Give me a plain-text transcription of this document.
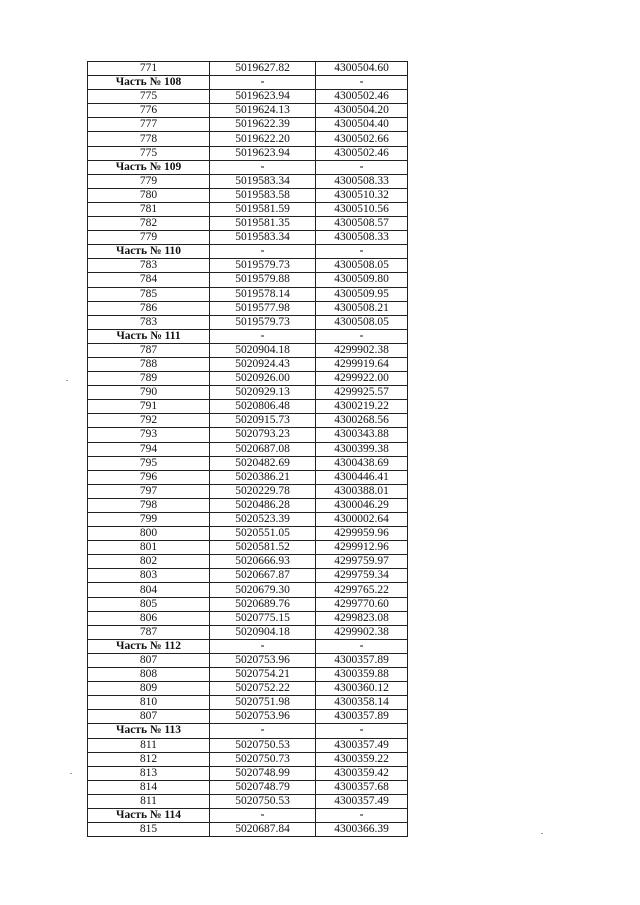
771	5019627.82	4300504.60
Часть № 108	-	-
775	5019623.94	4300502.46
776	5019624.13	4300504.20
777	5019622.39	4300504.40
778	5019622.20	4300502.66
775	5019623.94	4300502.46
Часть № 109	-	-
779	5019583.34	4300508.33
780	5019583.58	4300510.32
781	5019581.59	4300510.56
782	5019581.35	4300508.57
779	5019583.34	4300508.33
Часть № 110	-	-
783	5019579.73	4300508.05
784	5019579.88	4300509.80
785	5019578.14	4300509.95
786	5019577.98	4300508.21
783	5019579.73	4300508.05
Часть № 111	-	-
787	5020904.18	4299902.38
788	5020924.43	4299919.64
789	5020926.00	4299922.00
790	5020929.13	4299925.57
791	5020806.48	4300219.22
792	5020915.73	4300268.56
793	5020793.23	4300343.88
794	5020687.08	4300399.38
795	5020482.69	4300438.69
796	5020386.21	4300446.41
797	5020229.78	4300388.01
798	5020486.28	4300046.29
799	5020523.39	4300002.64
800	5020551.05	4299959.96
801	5020581.52	4299912.96
802	5020666.93	4299759.97
803	5020667.87	4299759.34
804	5020679.30	4299765.22
805	5020689.76	4299770.60
806	5020775.15	4299823.08
787	5020904.18	4299902.38
Часть № 112	-	-
807	5020753.96	4300357.89
808	5020754.21	4300359.88
809	5020752.22	4300360.12
810	5020751.98	4300358.14
807	5020753.96	4300357.89
Часть № 113	-	-
811	5020750.53	4300357.49
812	5020750.73	4300359.22
813	5020748.99	4300359.42
814	5020748.79	4300357.68
811	5020750.53	4300357.49
Часть № 114	-	-
815	5020687.84	4300366.39
